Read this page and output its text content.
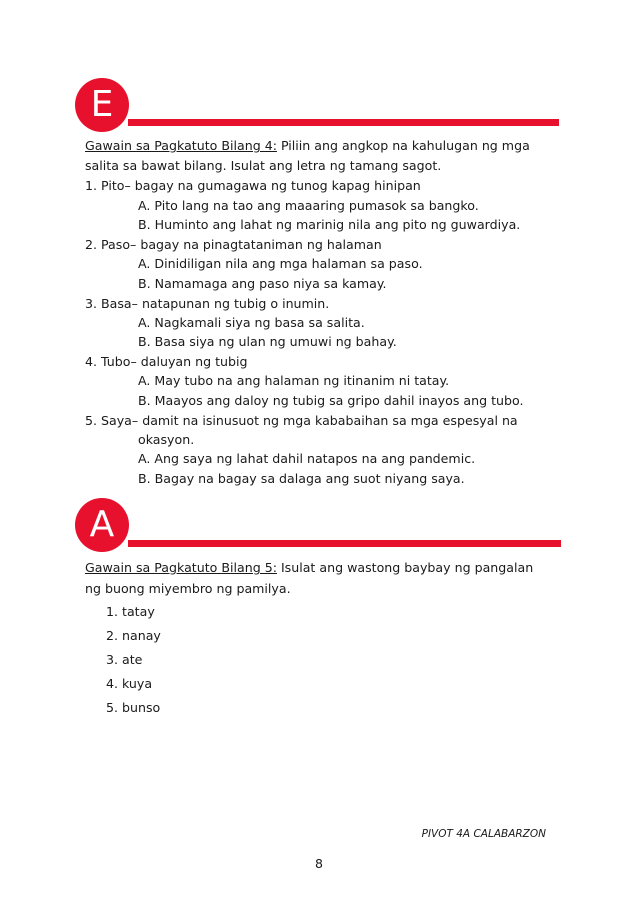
E
Gawain sa Pagkatuto Bilang 4: Piliin ang angkop na kahulugan ng mga
salita sa bawat bilang. Isulat ang letra ng tamang sagot.
1. Pito– bagay na gumagawa ng tunog kapag hinipan
A. Pito lang na tao ang maaaring pumasok sa bangko.
B. Huminto ang lahat ng marinig nila ang pito ng guwardiya.
2. Paso– bagay na pinagtataniman ng halaman
A. Dinidiligan nila ang mga halaman sa paso.
B. Namamaga ang paso niya sa kamay.
3. Basa– natapunan ng tubig o inumin.
A. Nagkamali siya ng basa sa salita.
B. Basa siya ng ulan ng umuwi ng bahay.
4. Tubo– daluyan ng tubig
A. May tubo na ang halaman ng itinanim ni tatay.
B. Maayos ang daloy ng tubig sa gripo dahil inayos ang tubo.
5. Saya– damit na isinusuot ng mga kababaihan sa mga espesyal na
okasyon.
A. Ang saya ng lahat dahil natapos na ang pandemic.
B. Bagay na bagay sa dalaga ang suot niyang saya.
A
Gawain sa Pagkatuto Bilang 5: Isulat ang wastong baybay ng pangalan
ng buong miyembro ng pamilya.
1. tatay
2. nanay
3. ate
4. kuya
5. bunso
PIVOT 4A CALABARZON
8
